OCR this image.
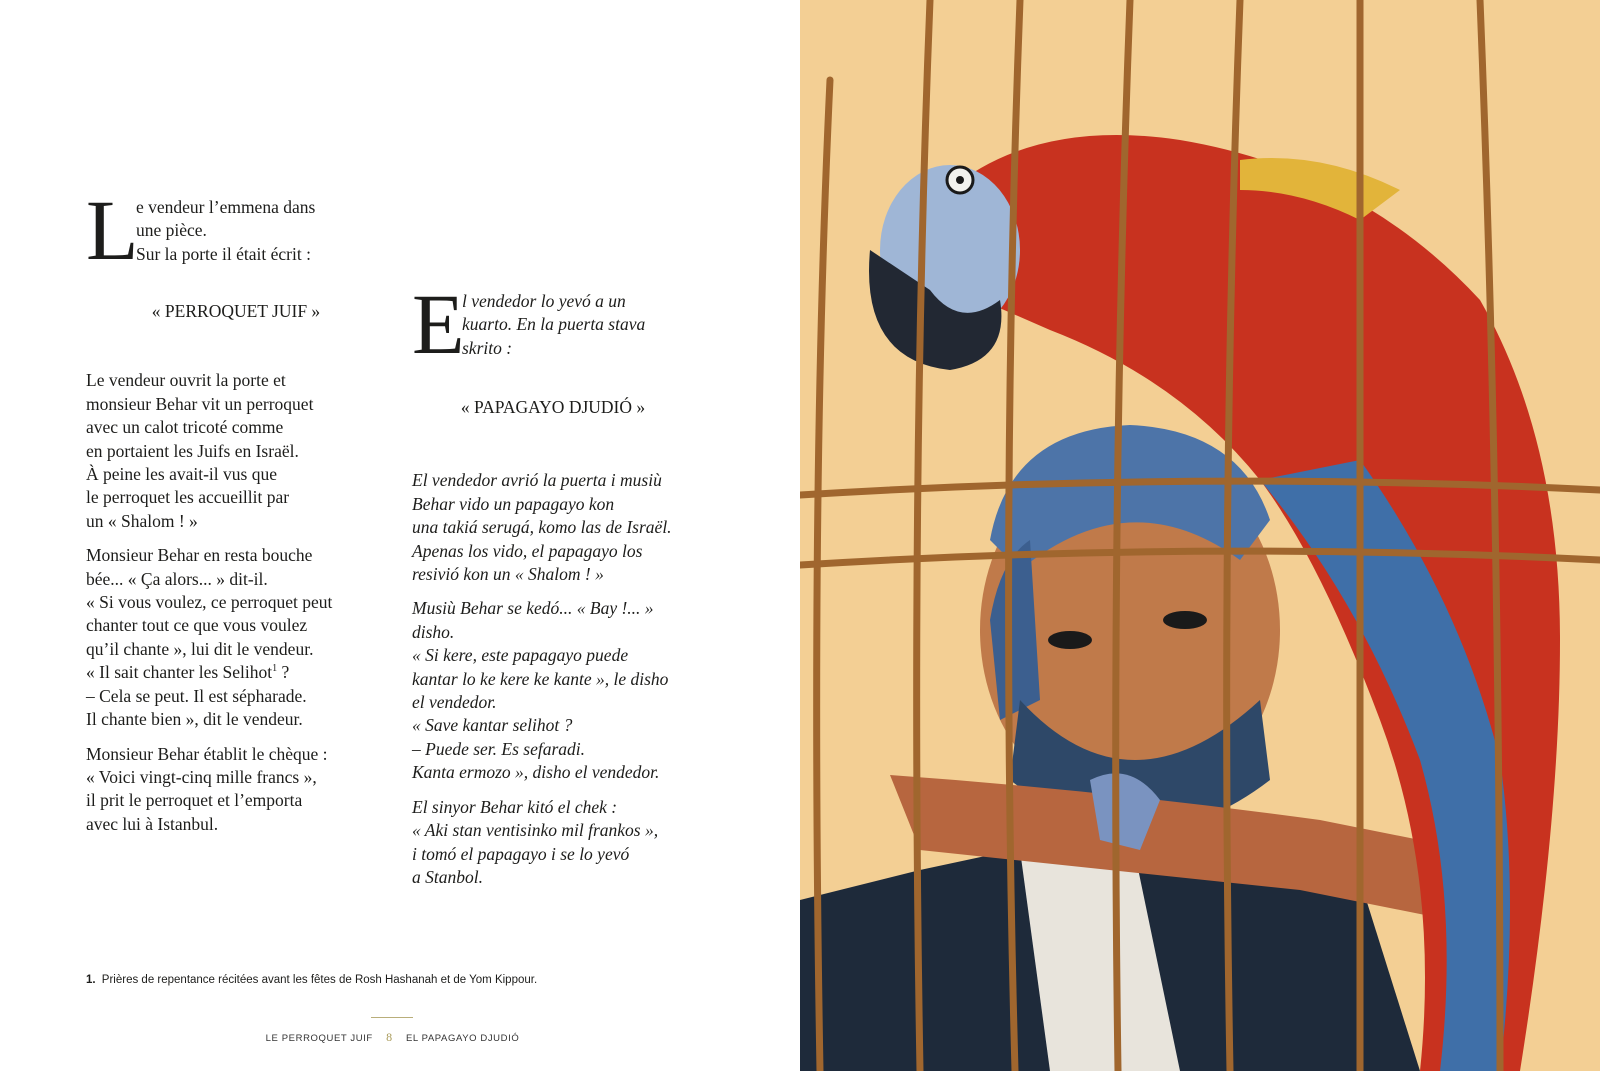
L
e vendeur l’emmena dans
une pièce.
Sur la porte il était écrit :
« PERROQUET JUIF »
Le vendeur ouvrit la porte et
monsieur Behar vit un perroquet
avec un calot tricoté comme
en portaient les Juifs en Israël.
À peine les avait-il vus que
le perroquet les accueillit par
un « Shalom ! »
Monsieur Behar en resta bouche
bée... « Ça alors... » dit-il.
« Si vous voulez, ce perroquet peut
chanter tout ce que vous voulez
qu’il chante », lui dit le vendeur.
« Il sait chanter les Selihot$^1$ ?
– Cela se peut. Il est sépharade.
Il chante bien », dit le vendeur.
Monsieur Behar établit le chèque :
« Voici vingt-cinq mille francs »,
il prit le perroquet et l’emporta
avec lui à Istanbul.
E
l vendedor lo yevó a un
kuarto. En la puerta stava
skrito :
« PAPAGAYO DJUDIÓ »
El vendedor avrió la puerta i musiù
Behar vido un papagayo kon
una takiá serugá, komo las de Israël.
Apenas los vido, el papagayo los
resivió kon un « Shalom ! »
Musiù Behar se kedó... « Bay !... »
disho.
« Si kere, este papagayo puede
kantar lo ke kere ke kante », le disho
el vendedor.
« Save kantar selihot ?
– Puede ser. Es sefaradi.
Kanta ermozo », disho el vendedor.
El sinyor Behar kitó el chek :
« Aki stan ventisinko mil frankos »,
i tomó el papagayo i se lo yevó
a Stanbol.
1. Prières de repentance récitées avant les fêtes de Rosh Hashanah et de Yom Kippour.
LE PERROQUET JUIF 8 EL PAPAGAYO DJUDIÓ
